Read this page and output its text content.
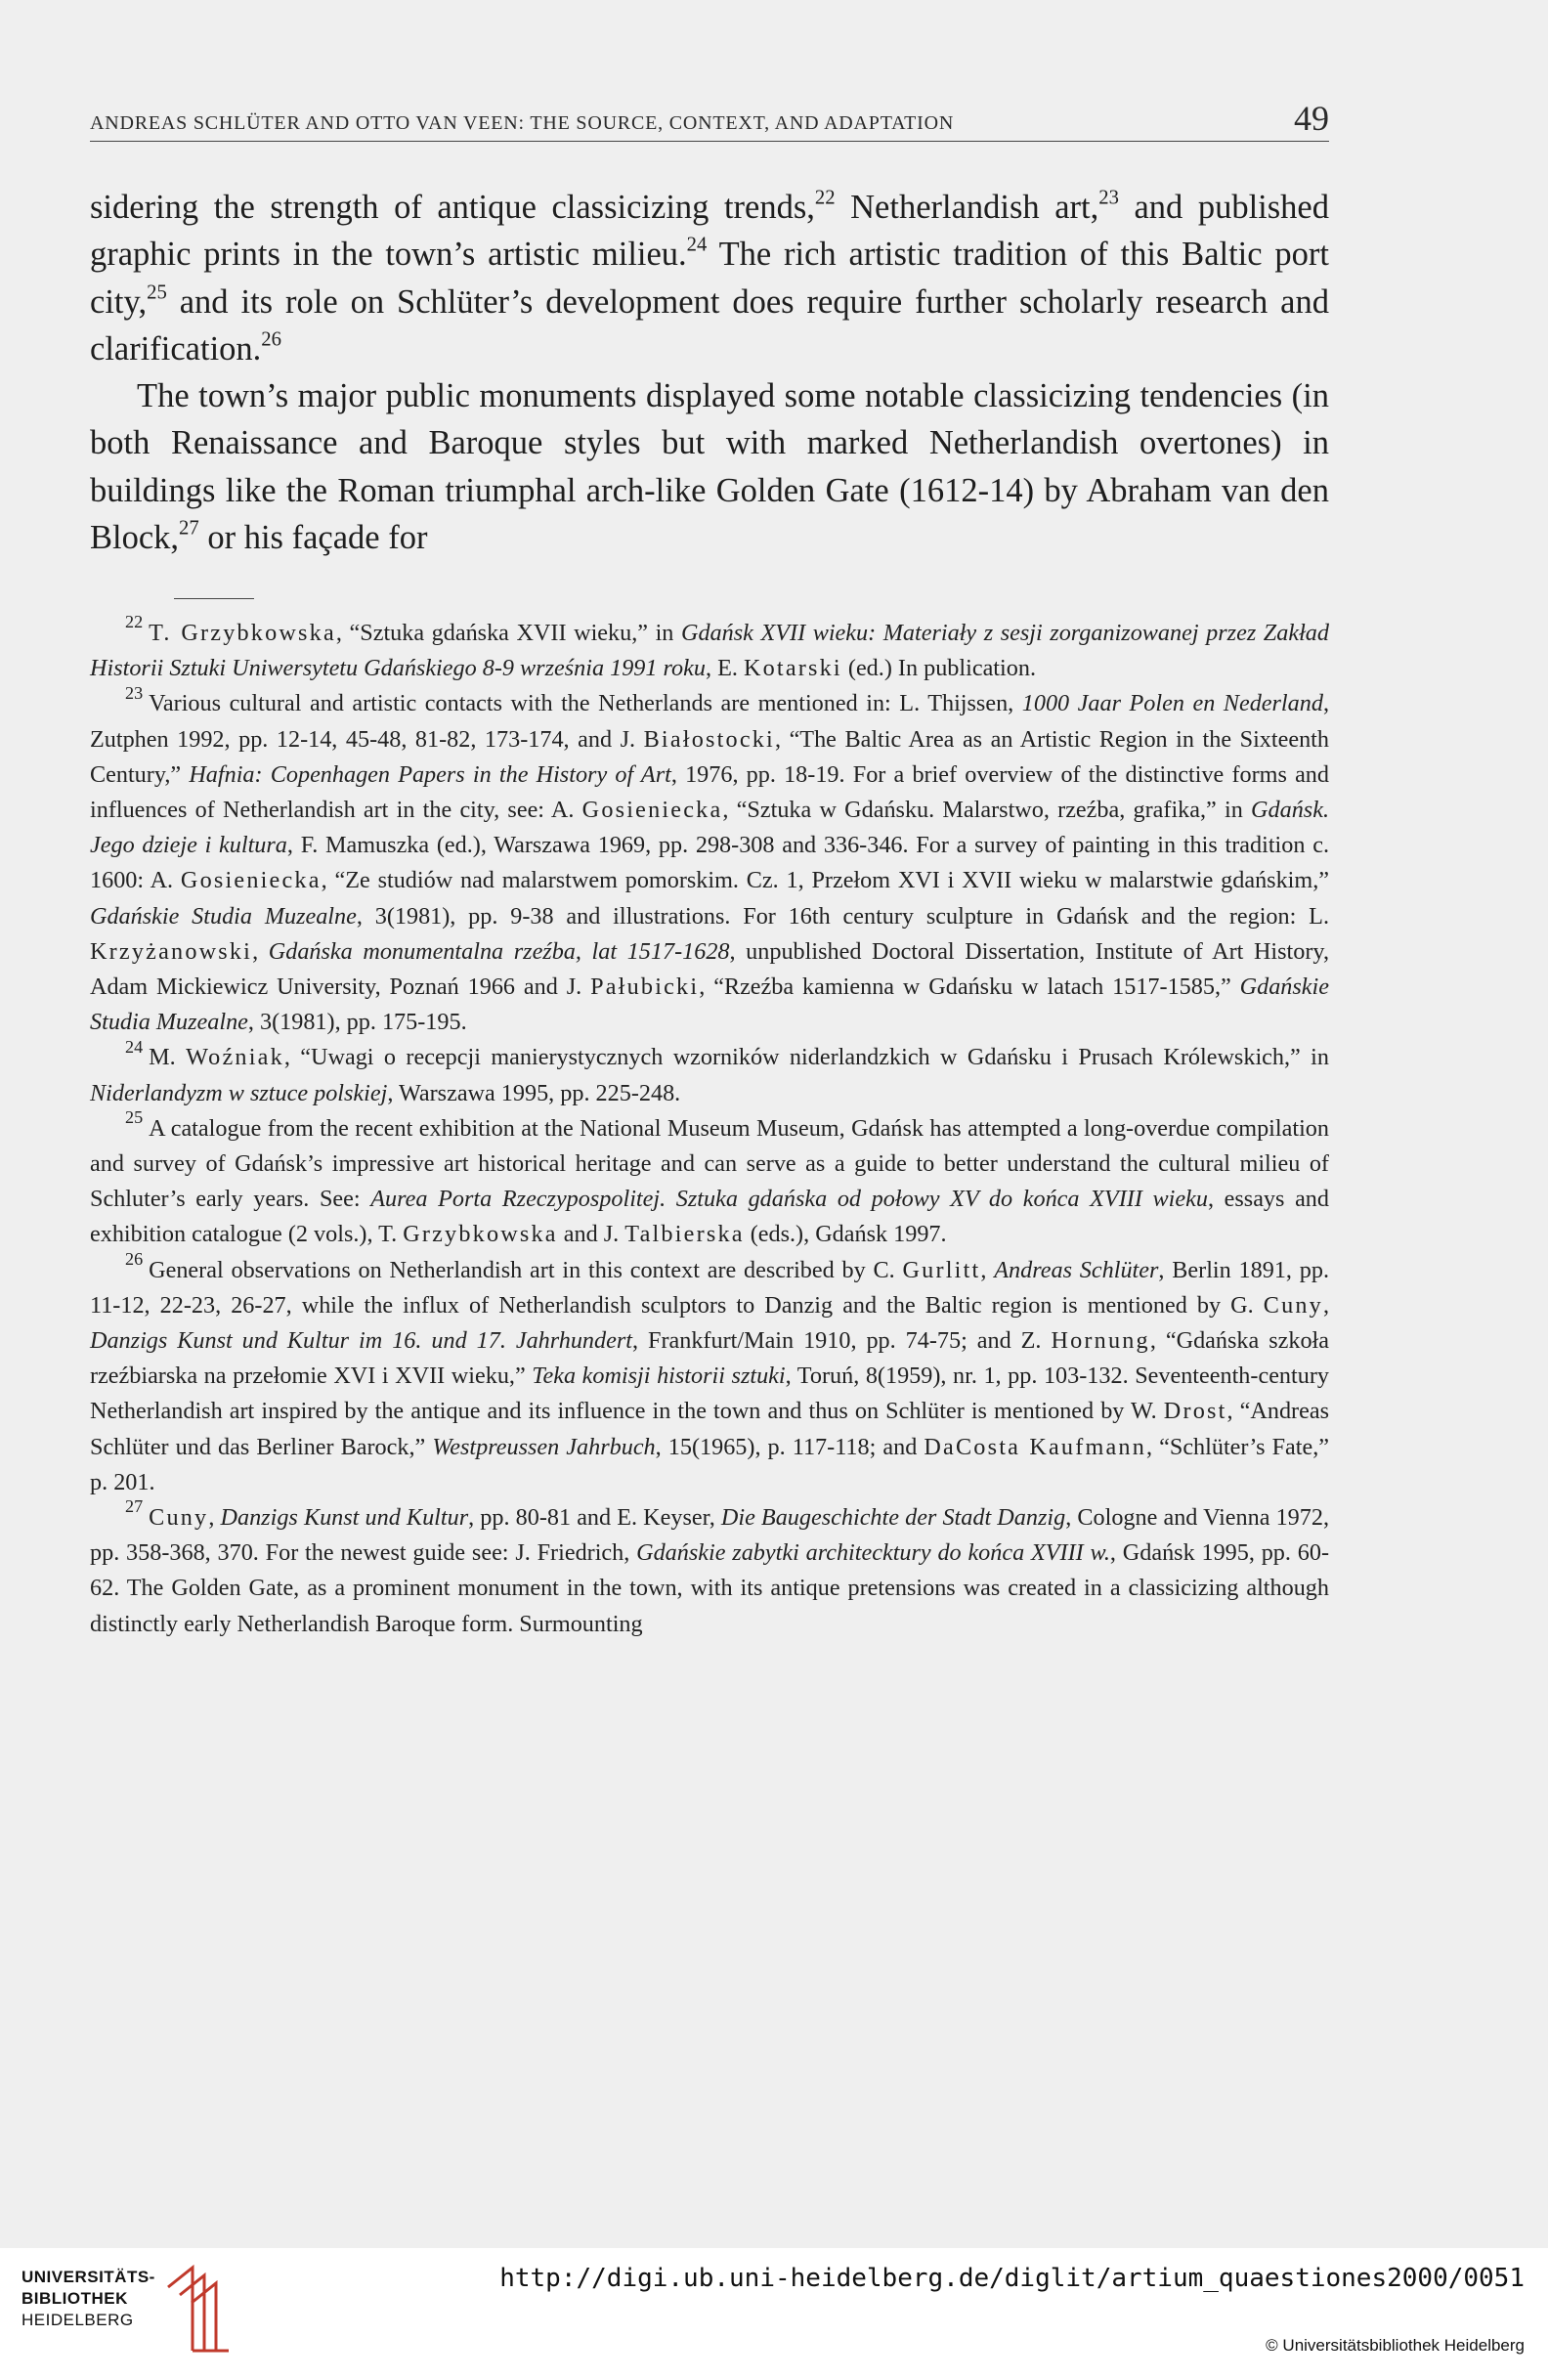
ANDREAS SCHLÜTER AND OTTO VAN VEEN: THE SOURCE, CONTEXT, AND ADAPTATION	49

sidering the strength of antique classicizing trends,$^{22}$ Netherlandish art,$^{23}$ and published graphic prints in the town’s artistic milieu.$^{24}$ The rich artistic tradition of this Baltic port city,$^{25}$ and its role on Schlüter’s development does require further scholarly research and clarification.$^{26}$

The town’s major public monuments displayed some notable classicizing tendencies (in both Renaissance and Baroque styles but with marked Netherlandish overtones) in buildings like the Roman triumphal arch-like Golden Gate (1612-14) by Abraham van den Block,$^{27}$ or his façade for

$^{22}$ T. Grzybkowska, “Sztuka gdańska XVII wieku,” in Gdańsk XVII wieku: Materiały z sesji zorganizowanej przez Zakład Historii Sztuki Uniwersytetu Gdańskiego 8-9 września 1991 roku, E. Kotarski (ed.) In publication.

$^{23}$ Various cultural and artistic contacts with the Netherlands are mentioned in: L. Thijssen, 1000 Jaar Polen en Nederland, Zutphen 1992, pp. 12-14, 45-48, 81-82, 173-174, and J. Białostocki, “The Baltic Area as an Artistic Region in the Sixteenth Century,” Hafnia: Copenhagen Papers in the History of Art, 1976, pp. 18-19. For a brief overview of the distinctive forms and influences of Netherlandish art in the city, see: A. Gosieniecka, “Sztuka w Gdańsku. Malarstwo, rzeźba, grafika,” in Gdańsk. Jego dzieje i kultura, F. Mamuszka (ed.), Warszawa 1969, pp. 298-308 and 336-346. For a survey of painting in this tradition c. 1600: A. Gosieniecka, “Ze studiów nad malarstwem pomorskim. Cz. 1, Przełom XVI i XVII wieku w malarstwie gdańskim,” Gdańskie Studia Muzealne, 3(1981), pp. 9-38 and illustrations. For 16th century sculpture in Gdańsk and the region: L. Krzyżanowski, Gdańska monumentalna rzeźba, lat 1517-1628, unpublished Doctoral Dissertation, Institute of Art History, Adam Mickiewicz University, Poznań 1966 and J. Pałubicki, “Rzeźba kamienna w Gdańsku w latach 1517-1585,” Gdańskie Studia Muzealne, 3(1981), pp. 175-195.

$^{24}$ M. Woźniak, “Uwagi o recepcji manierystycznych wzorników niderlandzkich w Gdańsku i Prusach Królewskich,” in Niderlandyzm w sztuce polskiej, Warszawa 1995, pp. 225-248.

$^{25}$ A catalogue from the recent exhibition at the National Museum Museum, Gdańsk has attempted a long-overdue compilation and survey of Gdańsk’s impressive art historical heritage and can serve as a guide to better understand the cultural milieu of Schluter’s early years. See: Aurea Porta Rzeczypospolitej. Sztuka gdańska od połowy XV do końca XVIII wieku, essays and exhibition catalogue (2 vols.), T. Grzybkowska and J. Talbierska (eds.), Gdańsk 1997.

$^{26}$ General observations on Netherlandish art in this context are described by C. Gurlitt, Andreas Schlüter, Berlin 1891, pp. 11-12, 22-23, 26-27, while the influx of Netherlandish sculptors to Danzig and the Baltic region is mentioned by G. Cuny, Danzigs Kunst und Kultur im 16. und 17. Jahrhundert, Frankfurt/Main 1910, pp. 74-75; and Z. Hornung, “Gdańska szkoła rzeźbiarska na przełomie XVI i XVII wieku,” Teka komisji historii sztuki, Toruń, 8(1959), nr. 1, pp. 103-132. Seventeenth-century Netherlandish art inspired by the antique and its influence in the town and thus on Schlüter is mentioned by W. Drost, “Andreas Schlüter und das Berliner Barock,” Westpreussen Jahrbuch, 15(1965), p. 117-118; and DaCosta Kaufmann, “Schlüter’s Fate,” p. 201.

$^{27}$ Cuny, Danzigs Kunst und Kultur, pp. 80-81 and E. Keyser, Die Baugeschichte der Stadt Danzig, Cologne and Vienna 1972, pp. 358-368, 370. For the newest guide see: J. Friedrich, Gdańskie zabytki architecktury do końca XVIII w., Gdańsk 1995, pp. 60-62. The Golden Gate, as a prominent monument in the town, with its antique pretensions was created in a classicizing although distinctly early Netherlandish Baroque form. Surmounting

UNIVERSITÄTS-
BIBLIOTHEK
HEIDELBERG
http://digi.ub.uni-heidelberg.de/diglit/artium_quaestiones2000/0051
© Universitätsbibliothek Heidelberg
